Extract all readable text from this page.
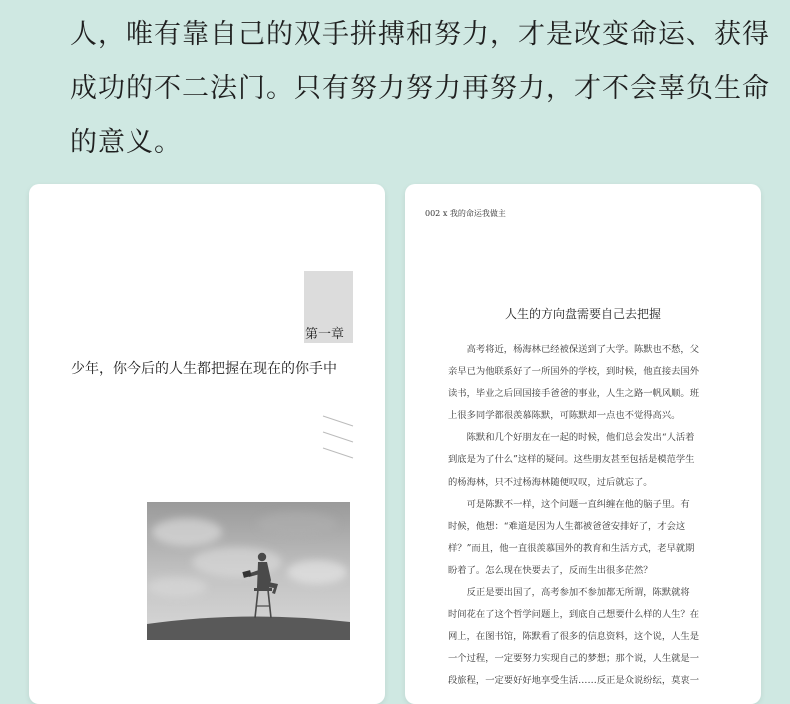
人，唯有靠自己的双手拼搏和努力，才是改变命运、获得
成功的不二法门。只有努力努力再努力，才不会辜负生命
的意义。
第一章
少年，你今后的人生都把握在现在的你手中
002 ⅹ 我的命运我做主
人生的方向盘需要自己去把握
　　高考将近，杨海林已经被保送到了大学。陈默也不愁，父
亲早已为他联系好了一所国外的学校，到时候，他直接去国外
读书，毕业之后回国接手爸爸的事业，人生之路一帆风顺。班
上很多同学都很羡慕陈默，可陈默却一点也不觉得高兴。
　　陈默和几个好朋友在一起的时候，他们总会发出“人活着
到底是为了什么”这样的疑问。这些朋友甚至包括是模范学生
的杨海林，只不过杨海林随便叹叹，过后就忘了。
　　可是陈默不一样，这个问题一直纠缠在他的脑子里。有
时候，他想：“难道是因为人生都被爸爸安排好了，才会这
样？”而且，他一直很羡慕国外的教育和生活方式，老早就期
盼着了。怎么现在快要去了，反而生出很多茫然？
　　反正是要出国了，高考参加不参加都无所谓，陈默就将
时间花在了这个哲学问题上，到底自己想要什么样的人生？在
网上，在图书馆，陈默看了很多的信息资料，这个说，人生是
一个过程，一定要努力实现自己的梦想；那个说，人生就是一
段旅程，一定要好好地享受生活……反正是众说纷纭，莫衷一
